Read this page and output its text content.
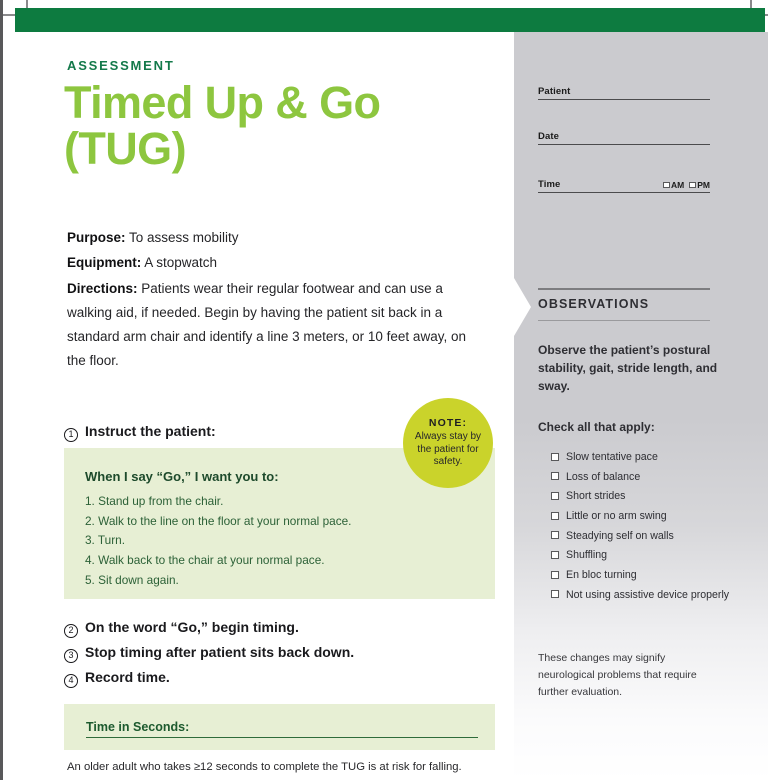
ASSESSMENT
Timed Up & Go (TUG)

Purpose: To assess mobility

Equipment: A stopwatch

Directions: Patients wear their regular footwear and can use a walking aid, if needed. Begin by having the patient sit back in a standard arm chair and identify a line 3 meters, or 10 feet away, on the floor.

1 Instruct the patient:
When I say “Go,” I want you to:
1. Stand up from the chair.
2. Walk to the line on the floor at your normal pace.
3. Turn.
4. Walk back to the chair at your normal pace.
5. Sit down again.
NOTE:
Always stay by the patient for safety.
2 On the word “Go,” begin timing.
3 Stop timing after patient sits back down.
4 Record time.
Time in Seconds:
An older adult who takes ≥12 seconds to complete the TUG is at risk for falling.
Patient
Date
Time	AM PM
OBSERVATIONS
Observe the patient’s postural stability, gait, stride length, and sway.
Check all that apply:
Slow tentative pace
Loss of balance
Short strides
Little or no arm swing
Steadying self on walls
Shuffling
En bloc turning
Not using assistive device properly
These changes may signify neurological problems that require further evaluation.
